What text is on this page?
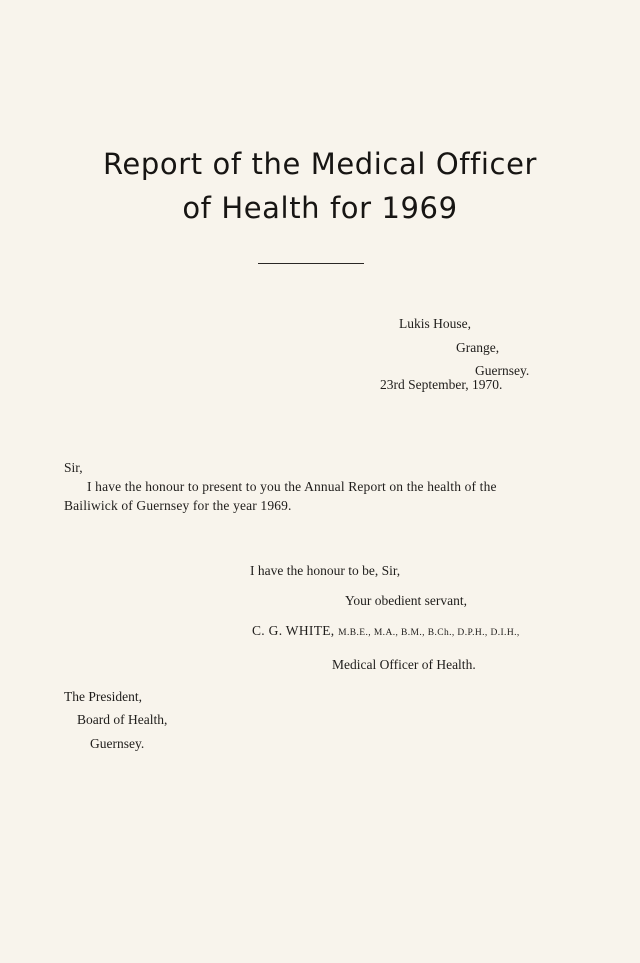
Report of the Medical Officer
of Health for 1969
Lukis House,
Grange,
Guernsey.
23rd September, 1970.
Sir,
I have the honour to present to you the Annual Report on the health of the
Bailiwick of Guernsey for the year 1969.
I have the honour to be, Sir,
Your obedient servant,
C. G. WHITE, M.B.E., M.A., B.M., B.Ch., D.P.H., D.I.H.,
Medical Officer of Health.
The President,
Board of Health,
Guernsey.
